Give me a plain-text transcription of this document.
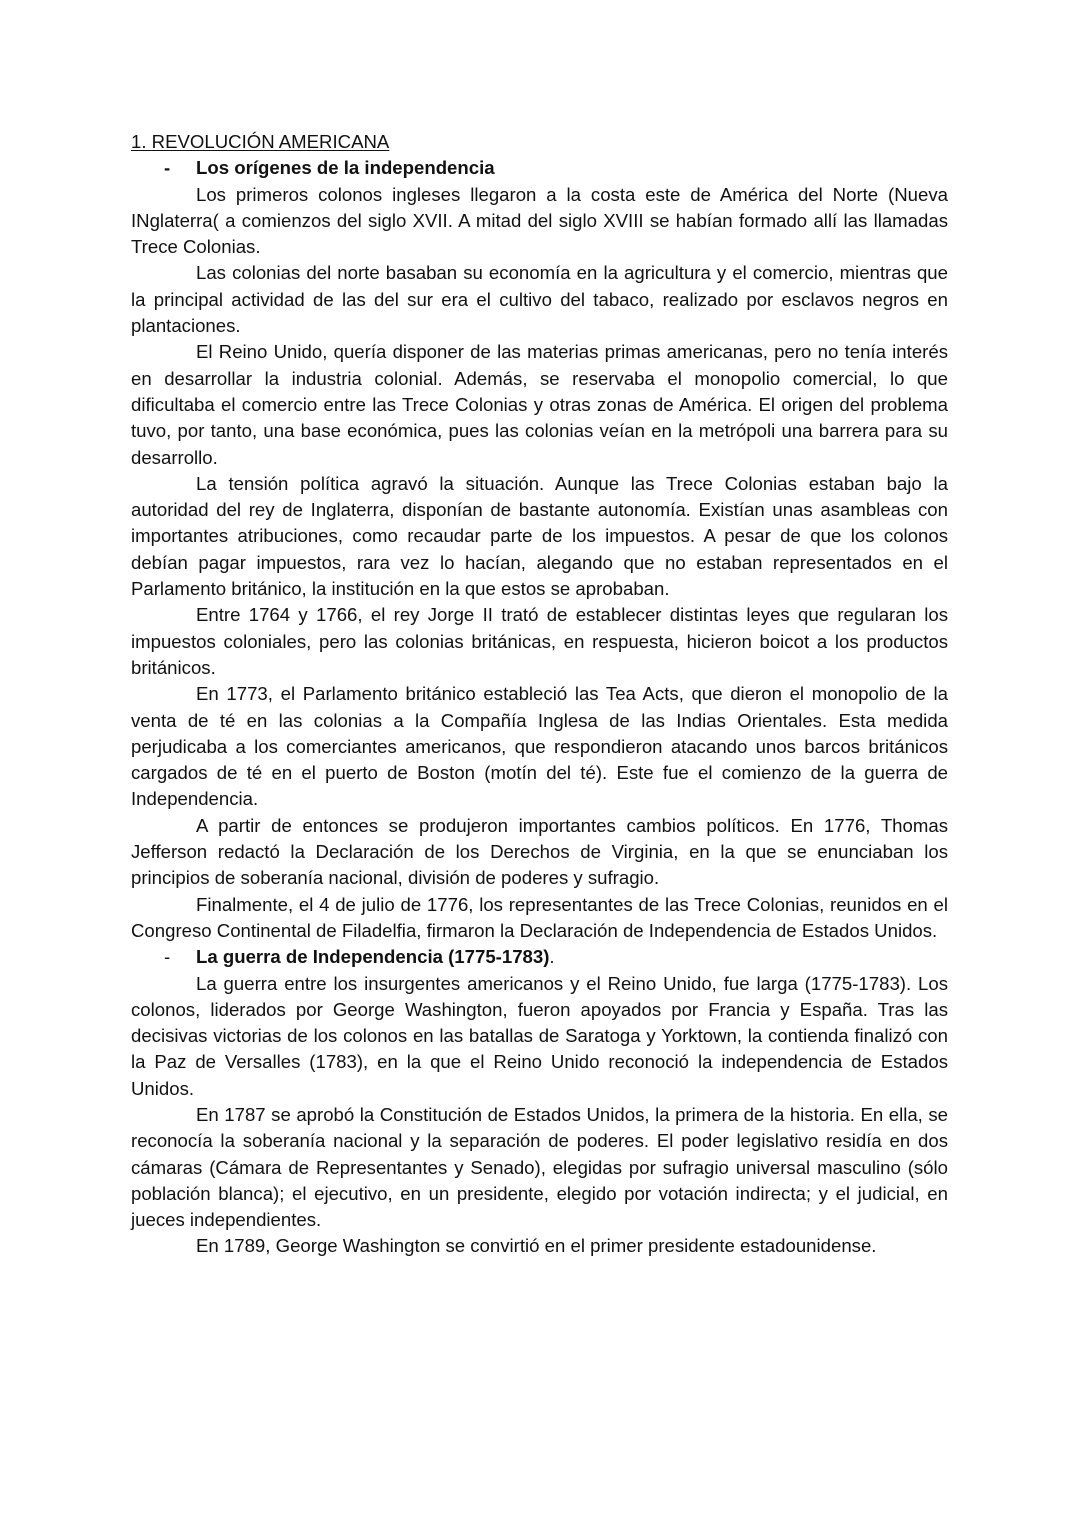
1. REVOLUCIÓN AMERICANA

- Los orígenes de la independencia

Los primeros colonos ingleses llegaron a la costa este de América del Norte (Nueva INglaterra( a comienzos del siglo XVII. A mitad del siglo XVIII se habían formado allí las llamadas Trece Colonias.

Las colonias del norte basaban su economía en la agricultura y el comercio, mientras que la principal actividad de las del sur era el cultivo del tabaco, realizado por esclavos negros en plantaciones.

El Reino Unido, quería disponer de las materias primas americanas, pero no tenía interés en desarrollar la industria colonial. Además, se reservaba el monopolio comercial, lo que dificultaba el comercio entre las Trece Colonias y otras zonas de América. El origen del problema tuvo, por tanto, una base económica, pues las colonias veían en la metrópoli una barrera para su desarrollo.

La tensión política agravó la situación. Aunque las Trece Colonias estaban bajo la autoridad del rey de Inglaterra, disponían de bastante autonomía. Existían unas asambleas con importantes atribuciones, como recaudar parte de los impuestos. A pesar de que los colonos debían pagar impuestos, rara vez lo hacían, alegando que no estaban representados en el Parlamento británico, la institución en la que estos se aprobaban.

Entre 1764 y 1766, el rey Jorge II trató de establecer distintas leyes que regularan los impuestos coloniales, pero las colonias británicas, en respuesta, hicieron boicot a los productos británicos.

En 1773, el Parlamento británico estableció las Tea Acts, que dieron el monopolio de la venta de té en las colonias a la Compañía Inglesa de las Indias Orientales. Esta medida perjudicaba a los comerciantes americanos, que respondieron atacando unos barcos británicos cargados de té en el puerto de Boston (motín del té). Este fue el comienzo de la guerra de Independencia.

A partir de entonces se produjeron importantes cambios políticos. En 1776, Thomas Jefferson redactó la Declaración de los Derechos de Virginia, en la que se enunciaban los principios de soberanía nacional, división de poderes y sufragio.

Finalmente, el 4 de julio de 1776, los representantes de las Trece Colonias, reunidos en el Congreso Continental de Filadelfia, firmaron la Declaración de Independencia de Estados Unidos.

- La guerra de Independencia (1775-1783).

La guerra entre los insurgentes americanos y el Reino Unido, fue larga (1775-1783). Los colonos, liderados por George Washington, fueron apoyados por Francia y España. Tras las decisivas victorias de los colonos en las batallas de Saratoga y Yorktown, la contienda finalizó con la Paz de Versalles (1783), en la que el Reino Unido reconoció la independencia de Estados Unidos.

En 1787 se aprobó la Constitución de Estados Unidos, la primera de la historia. En ella, se reconocía la soberanía nacional y la separación de poderes. El poder legislativo residía en dos cámaras (Cámara de Representantes y Senado), elegidas por sufragio universal masculino (sólo población blanca); el ejecutivo, en un presidente, elegido por votación indirecta; y el judicial, en jueces independientes.

En 1789, George Washington se convirtió en el primer presidente estadounidense.
